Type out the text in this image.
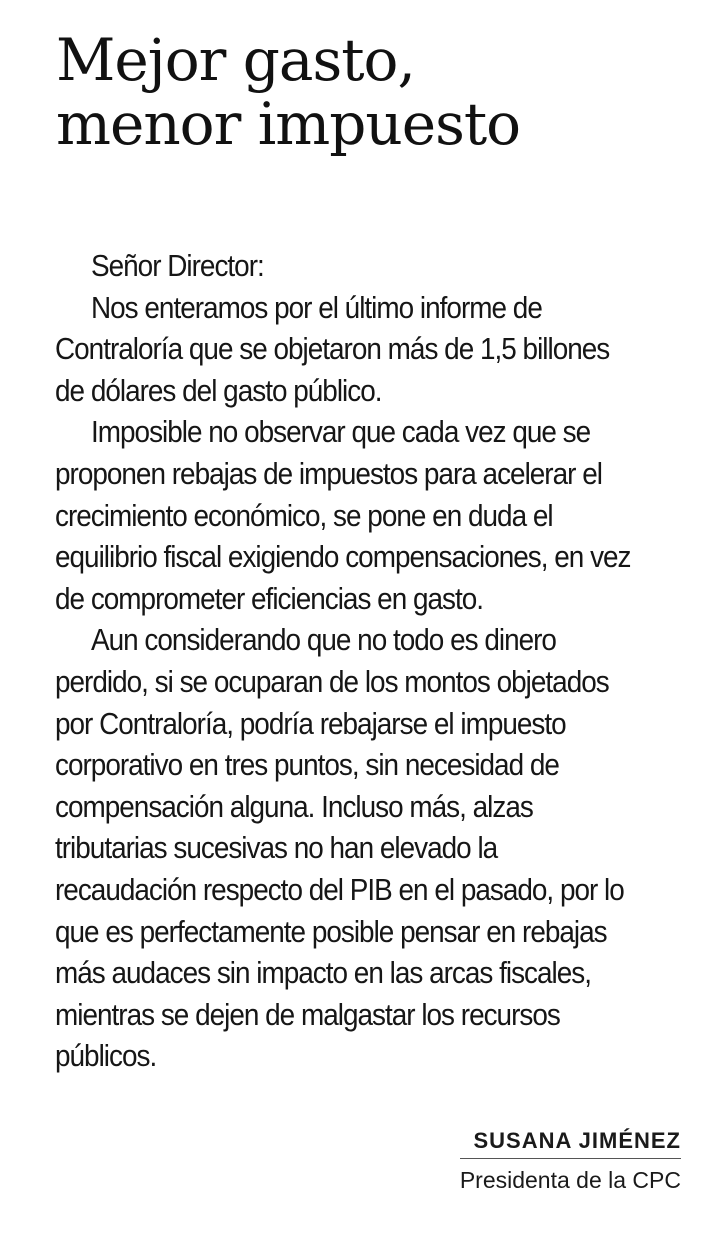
Mejor gasto,
menor impuesto

Señor Director:

Nos enteramos por el último informe de Contraloría que se objetaron más de 1,5 billones de dólares del gasto público.

Imposible no observar que cada vez que se proponen rebajas de impuestos para acelerar el crecimiento económico, se pone en duda el equilibrio fiscal exigiendo compensaciones, en vez de comprometer eficiencias en gasto.

Aun considerando que no todo es dinero perdido, si se ocuparan de los montos objetados por Contraloría, podría rebajarse el impuesto corporativo en tres puntos, sin necesidad de compensación alguna. Incluso más, alzas tributarias sucesivas no han elevado la recaudación respecto del PIB en el pasado, por lo que es perfectamente posible pensar en rebajas más audaces sin impacto en las arcas fiscales, mientras se dejen de malgastar los recursos públicos.

SUSANA JIMÉNEZ
Presidenta de la CPC
